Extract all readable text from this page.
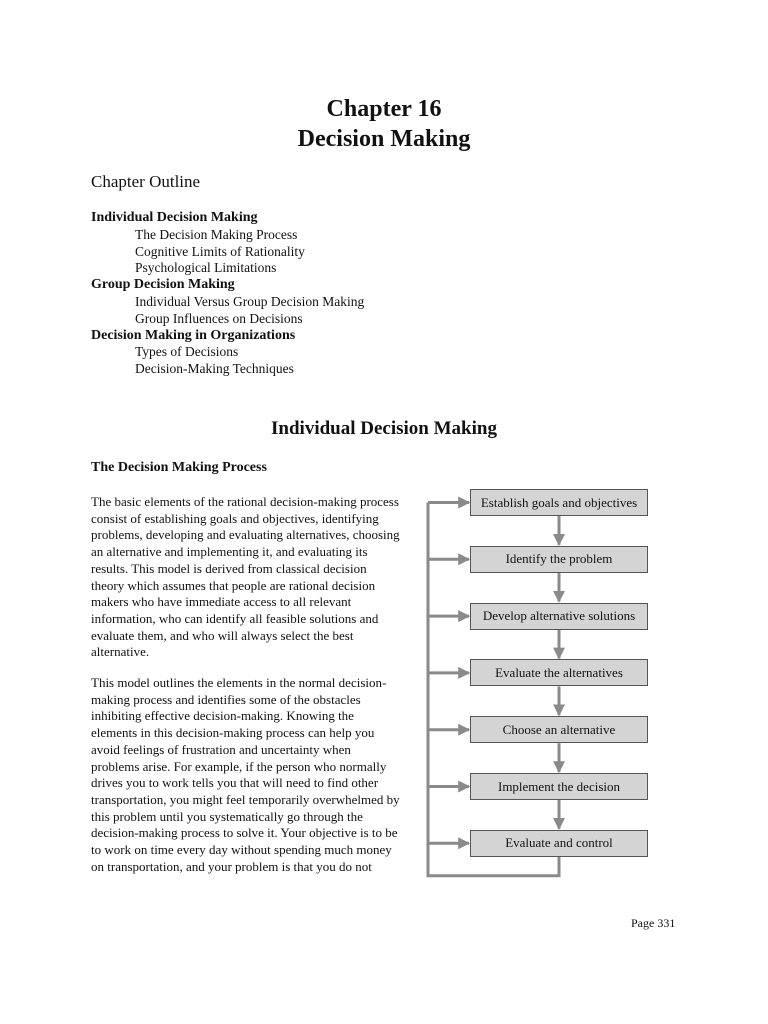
Chapter 16
Decision Making
Chapter Outline
Individual Decision Making
The Decision Making Process
Cognitive Limits of Rationality
Psychological Limitations
Group Decision Making
Individual Versus Group Decision Making
Group Influences on Decisions
Decision Making in Organizations
Types of Decisions
Decision-Making Techniques
Individual Decision Making
The Decision Making Process

The basic elements of the rational decision-making process consist of establishing goals and objectives, identifying problems, developing and evaluating alternatives, choosing an alternative and implementing it, and evaluating its results. This model is derived from classical decision theory which assumes that people are rational decision makers who have immediate access to all relevant information, who can identify all feasible solutions and evaluate them, and who will always select the best alternative.

This model outlines the elements in the normal decision-making process and identifies some of the obstacles inhibiting effective decision-making. Knowing the elements in this decision-making process can help you avoid feelings of frustration and uncertainty when problems arise. For example, if the person who normally drives you to work tells you that will need to find other transportation, you might feel temporarily overwhelmed by this problem until you systematically go through the decision-making process to solve it. Your objective is to be to work on time every day without spending much money on transportation, and your problem is that you do not

Establish goals and objectives
Identify the problem
Develop alternative solutions
Evaluate the alternatives
Choose an alternative
Implement the decision
Evaluate and control
Page 331
